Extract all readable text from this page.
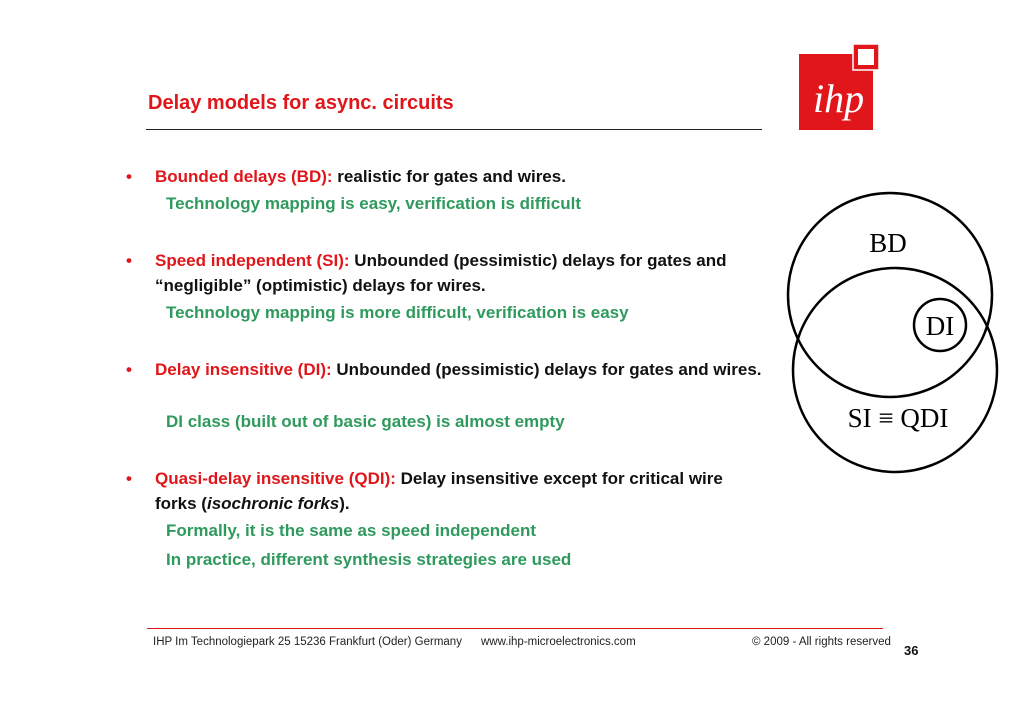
ihp
Delay models for async. circuits
• Bounded delays (BD): realistic for gates and wires.
Technology mapping is easy, verification is difficult
• Speed independent (SI): Unbounded (pessimistic) delays for gates and “negligible” (optimistic) delays for wires.
Technology mapping is more difficult, verification is easy
• Delay insensitive (DI): Unbounded (pessimistic) delays for gates and wires.
DI class (built out of basic gates) is almost empty
• Quasi-delay insensitive (QDI): Delay insensitive except for critical wire forks (isochronic forks).
Formally, it is the same as speed independent
In practice, different synthesis strategies are used
BD
DI
SI ≡ QDI
IHP Im Technologiepark 25 15236 Frankfurt (Oder) Germany www.ihp-microelectronics.com	© 2009 - All rights reserved
36
